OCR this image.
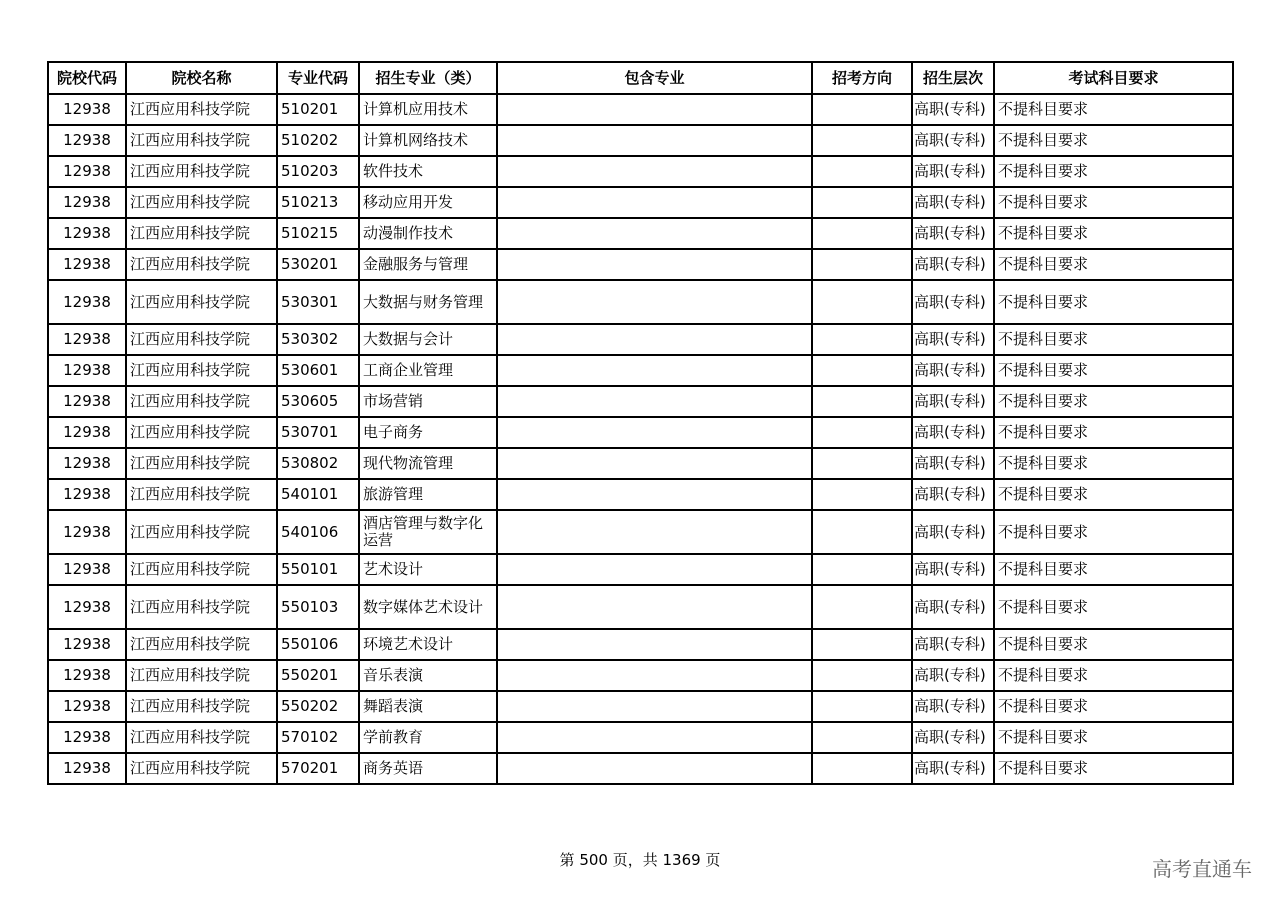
院校代码	院校名称	专业代码	招生专业（类）	包含专业	招考方向	招生层次	考试科目要求
12938	江西应用科技学院	510201	计算机应用技术			高职(专科)	不提科目要求
12938	江西应用科技学院	510202	计算机网络技术			高职(专科)	不提科目要求
12938	江西应用科技学院	510203	软件技术			高职(专科)	不提科目要求
12938	江西应用科技学院	510213	移动应用开发			高职(专科)	不提科目要求
12938	江西应用科技学院	510215	动漫制作技术			高职(专科)	不提科目要求
12938	江西应用科技学院	530201	金融服务与管理			高职(专科)	不提科目要求
12938	江西应用科技学院	530301	大数据与财务管理			高职(专科)	不提科目要求
12938	江西应用科技学院	530302	大数据与会计			高职(专科)	不提科目要求
12938	江西应用科技学院	530601	工商企业管理			高职(专科)	不提科目要求
12938	江西应用科技学院	530605	市场营销			高职(专科)	不提科目要求
12938	江西应用科技学院	530701	电子商务			高职(专科)	不提科目要求
12938	江西应用科技学院	530802	现代物流管理			高职(专科)	不提科目要求
12938	江西应用科技学院	540101	旅游管理			高职(专科)	不提科目要求
12938	江西应用科技学院	540106	酒店管理与数字化运营			高职(专科)	不提科目要求
12938	江西应用科技学院	550101	艺术设计			高职(专科)	不提科目要求
12938	江西应用科技学院	550103	数字媒体艺术设计			高职(专科)	不提科目要求
12938	江西应用科技学院	550106	环境艺术设计			高职(专科)	不提科目要求
12938	江西应用科技学院	550201	音乐表演			高职(专科)	不提科目要求
12938	江西应用科技学院	550202	舞蹈表演			高职(专科)	不提科目要求
12938	江西应用科技学院	570102	学前教育			高职(专科)	不提科目要求
12938	江西应用科技学院	570201	商务英语			高职(专科)	不提科目要求
第 500 页，共 1369 页	高考直通车
